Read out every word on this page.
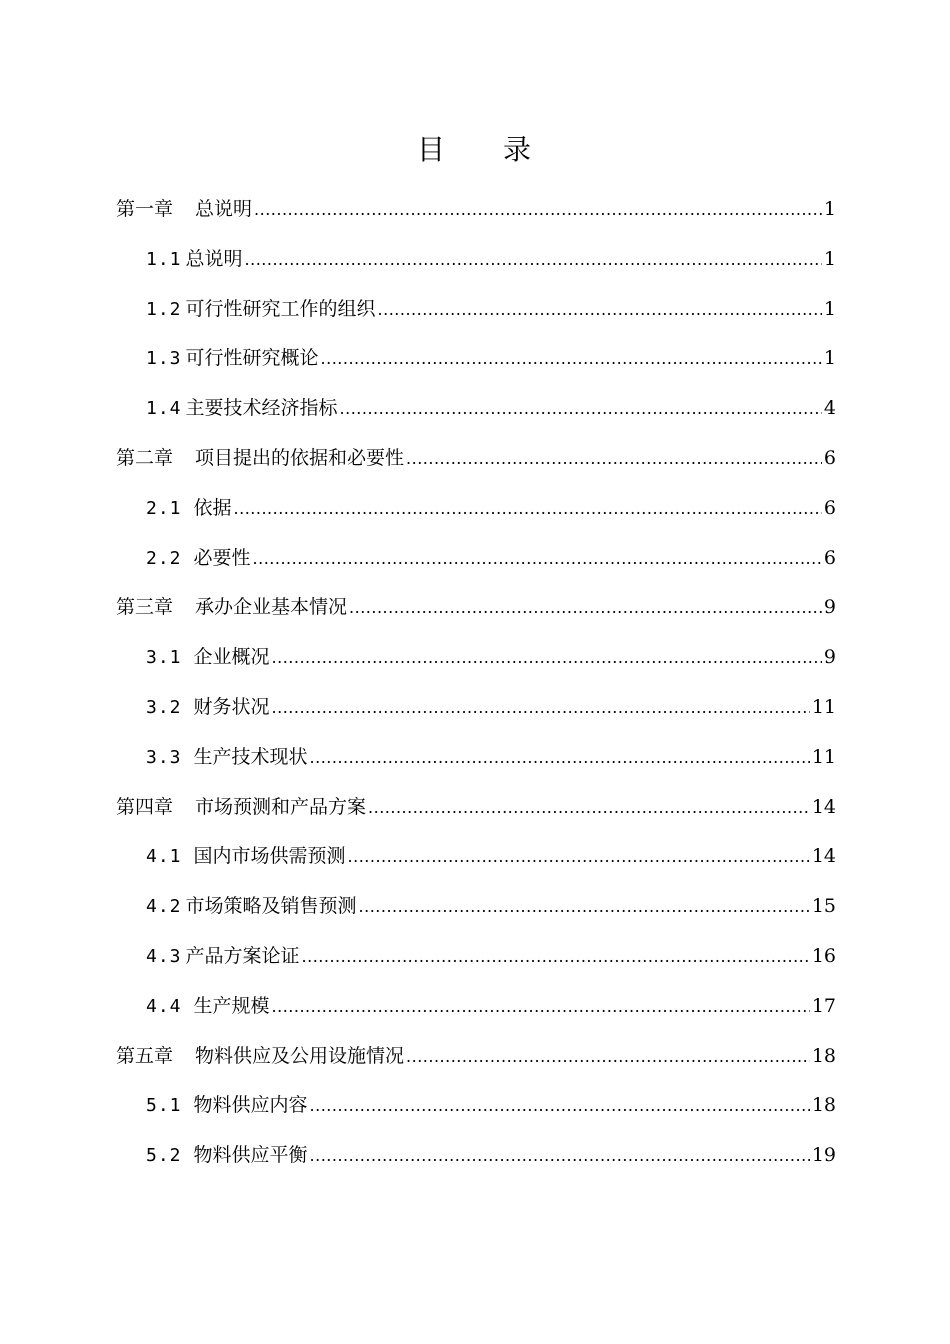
目 录
第一章 总说明 .....	1
1.1 总说明 .....	1
1.2 可行性研究工作的组织 .....	1
1.3 可行性研究概论 .....	1
1.4 主要技术经济指标 .....	4
第二章 项目提出的依据和必要性 .....	6
2.1 依据 .....	6
2.2 必要性 .....	6
第三章 承办企业基本情况 .....	9
3.1 企业概况 .....	9
3.2 财务状况 .....	11
3.3 生产技术现状 .....	11
第四章 市场预测和产品方案 .....	14
4.1 国内市场供需预测 .....	14
4.2 市场策略及销售预测 .....	15
4.3 产品方案论证 .....	16
4.4 生产规模 .....	17
第五章 物料供应及公用设施情况 .....	18
5.1 物料供应内容 .....	18
5.2 物料供应平衡 .....	19
